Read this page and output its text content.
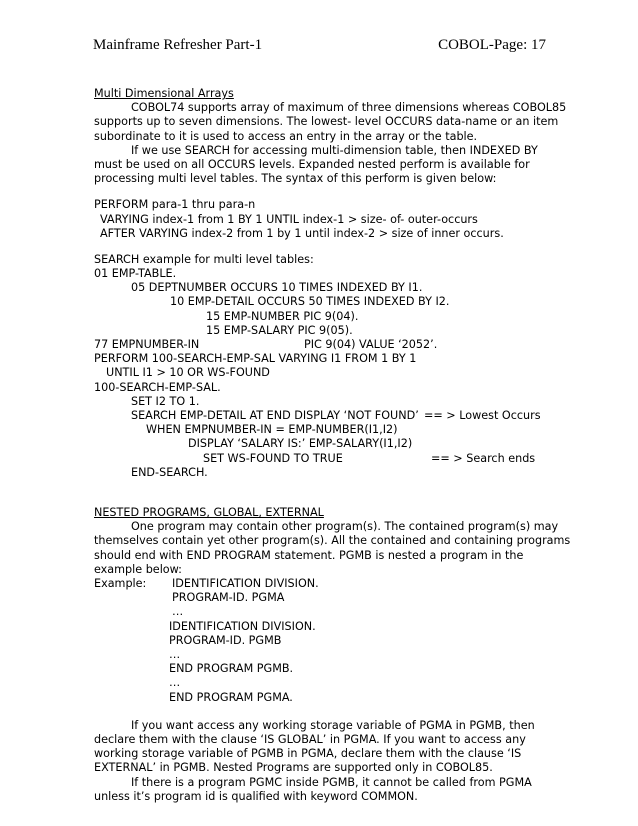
Mainframe Refresher Part-1	COBOL-Page: 17
Multi Dimensional Arrays
COBOL74 supports array of maximum of three dimensions whereas COBOL85
supports up to seven dimensions. The lowest- level OCCURS data-name or an item
subordinate to it is used to access an entry in the array or the table.
If we use SEARCH for accessing multi-dimension table, then INDEXED BY
must be used on all OCCURS levels. Expanded nested perform is available for
processing multi level tables. The syntax of this perform is given below:
PERFORM para-1 thru para-n
VARYING index-1 from 1 BY 1 UNTIL index-1 > size- of- outer-occurs
AFTER VARYING index-2 from 1 by 1 until index-2 > size of inner occurs.
SEARCH example for multi level tables:
01 EMP-TABLE.
05 DEPTNUMBER OCCURS 10 TIMES INDEXED BY I1.
10 EMP-DETAIL OCCURS 50 TIMES INDEXED BY I2.
15 EMP-NUMBER PIC 9(04).
15 EMP-SALARY PIC 9(05).
77 EMPNUMBER-IN	PIC 9(04) VALUE ‘2052’.
PERFORM 100-SEARCH-EMP-SAL VARYING I1 FROM 1 BY 1
UNTIL I1 > 10 OR WS-FOUND
100-SEARCH-EMP-SAL.
SET I2 TO 1.
SEARCH EMP-DETAIL AT END DISPLAY ‘NOT FOUND’ == > Lowest Occurs
WHEN EMPNUMBER-IN = EMP-NUMBER(I1,I2)
DISPLAY ‘SALARY IS:’ EMP-SALARY(I1,I2)
SET WS-FOUND TO TRUE	== > Search ends
END-SEARCH.
NESTED PROGRAMS, GLOBAL, EXTERNAL
One program may contain other program(s). The contained program(s) may
themselves contain yet other program(s). All the contained and containing programs
should end with END PROGRAM statement. PGMB is nested a program in the
example below:
Example: IDENTIFICATION DIVISION.
PROGRAM-ID. PGMA
…
IDENTIFICATION DIVISION.
PROGRAM-ID. PGMB
…
END PROGRAM PGMB.
…
END PROGRAM PGMA.
If you want access any working storage variable of PGMA in PGMB, then
declare them with the clause ‘IS GLOBAL’ in PGMA. If you want to access any
working storage variable of PGMB in PGMA, declare them with the clause ‘IS
EXTERNAL’ in PGMB. Nested Programs are supported only in COBOL85.
If there is a program PGMC inside PGMB, it cannot be called from PGMA
unless it’s program id is qualified with keyword COMMON.
